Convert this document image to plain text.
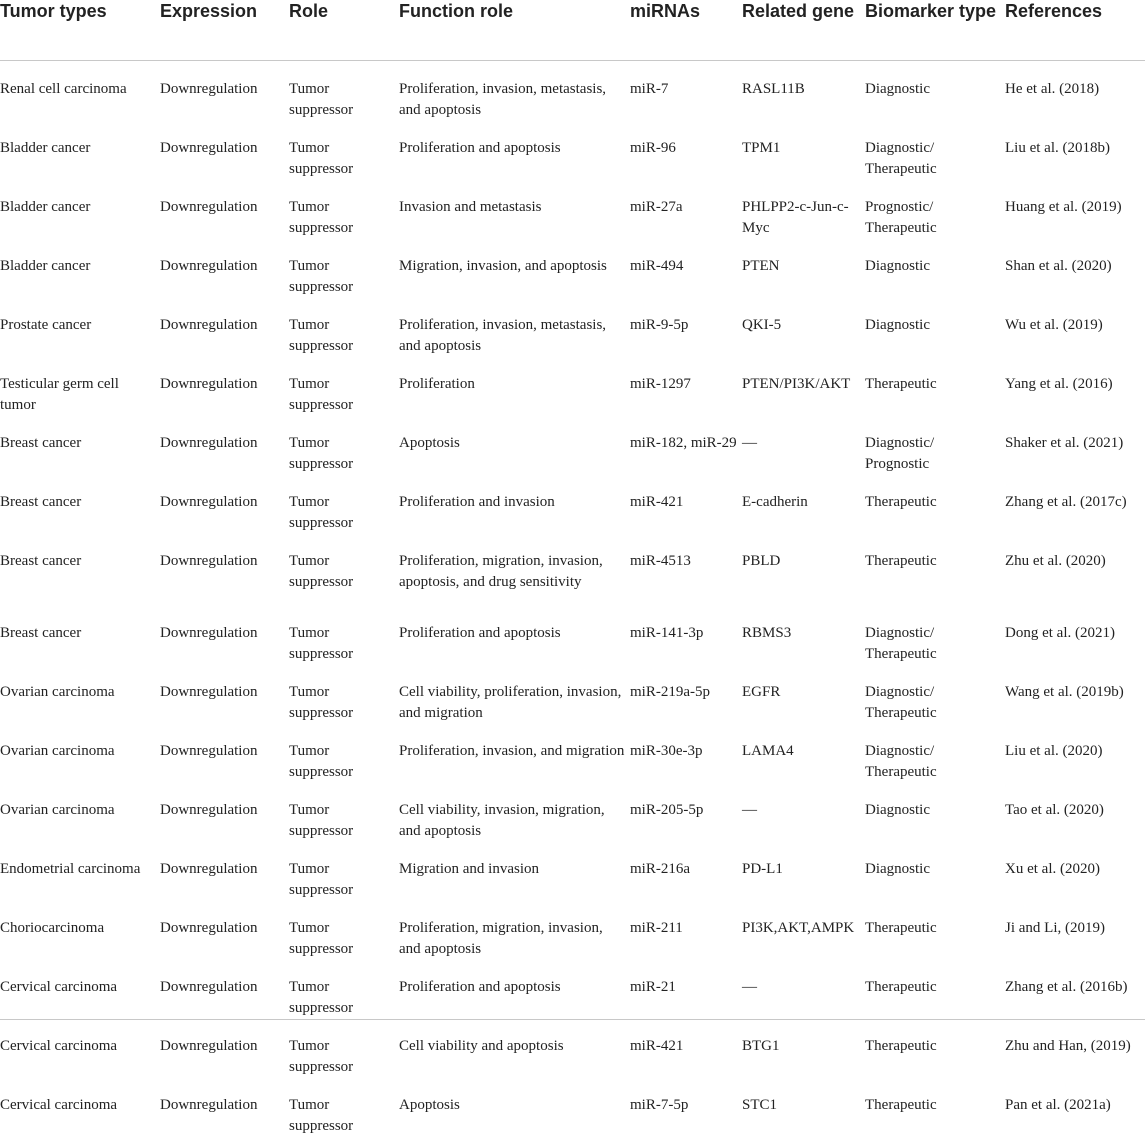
Tumor types	Expression	Role	Function role	miRNAs	Related gene	Biomarker type	References
Renal cell carcinoma	Downregulation	Tumor suppressor	Proliferation, invasion, metastasis, and apoptosis	miR-7	RASL11B	Diagnostic	He et al. (2018)
Bladder cancer	Downregulation	Tumor suppressor	Proliferation and apoptosis	miR-96	TPM1	Diagnostic/ Therapeutic	Liu et al. (2018b)
Bladder cancer	Downregulation	Tumor suppressor	Invasion and metastasis	miR-27a	PHLPP2-c-Jun-c-Myc	Prognostic/ Therapeutic	Huang et al. (2019)
Bladder cancer	Downregulation	Tumor suppressor	Migration, invasion, and apoptosis	miR-494	PTEN	Diagnostic	Shan et al. (2020)
Prostate cancer	Downregulation	Tumor suppressor	Proliferation, invasion, metastasis, and apoptosis	miR-9-5p	QKI-5	Diagnostic	Wu et al. (2019)
Testicular germ cell tumor	Downregulation	Tumor suppressor	Proliferation	miR-1297	PTEN/PI3K/AKT	Therapeutic	Yang et al. (2016)
Breast cancer	Downregulation	Tumor suppressor	Apoptosis	miR-182, miR-29	—	Diagnostic/ Prognostic	Shaker et al. (2021)
Breast cancer	Downregulation	Tumor suppressor	Proliferation and invasion	miR-421	E-cadherin	Therapeutic	Zhang et al. (2017c)
Breast cancer	Downregulation	Tumor suppressor	Proliferation, migration, invasion, apoptosis, and drug sensitivity	miR-4513	PBLD	Therapeutic	Zhu et al. (2020)
Breast cancer	Downregulation	Tumor suppressor	Proliferation and apoptosis	miR-141-3p	RBMS3	Diagnostic/ Therapeutic	Dong et al. (2021)
Ovarian carcinoma	Downregulation	Tumor suppressor	Cell viability, proliferation, invasion, and migration	miR-219a-5p	EGFR	Diagnostic/ Therapeutic	Wang et al. (2019b)
Ovarian carcinoma	Downregulation	Tumor suppressor	Proliferation, invasion, and migration	miR-30e-3p	LAMA4	Diagnostic/ Therapeutic	Liu et al. (2020)
Ovarian carcinoma	Downregulation	Tumor suppressor	Cell viability, invasion, migration, and apoptosis	miR-205-5p	—	Diagnostic	Tao et al. (2020)
Endometrial carcinoma	Downregulation	Tumor suppressor	Migration and invasion	miR-216a	PD-L1	Diagnostic	Xu et al. (2020)
Choriocarcinoma	Downregulation	Tumor suppressor	Proliferation, migration, invasion, and apoptosis	miR-211	PI3K,AKT,AMPK	Therapeutic	Ji and Li, (2019)
Cervical carcinoma	Downregulation	Tumor suppressor	Proliferation and apoptosis	miR-21	—	Therapeutic	Zhang et al. (2016b)
Cervical carcinoma	Downregulation	Tumor suppressor	Cell viability and apoptosis	miR-421	BTG1	Therapeutic	Zhu and Han, (2019)
Cervical carcinoma	Downregulation	Tumor suppressor	Apoptosis	miR-7-5p	STC1	Therapeutic	Pan et al. (2021a)
